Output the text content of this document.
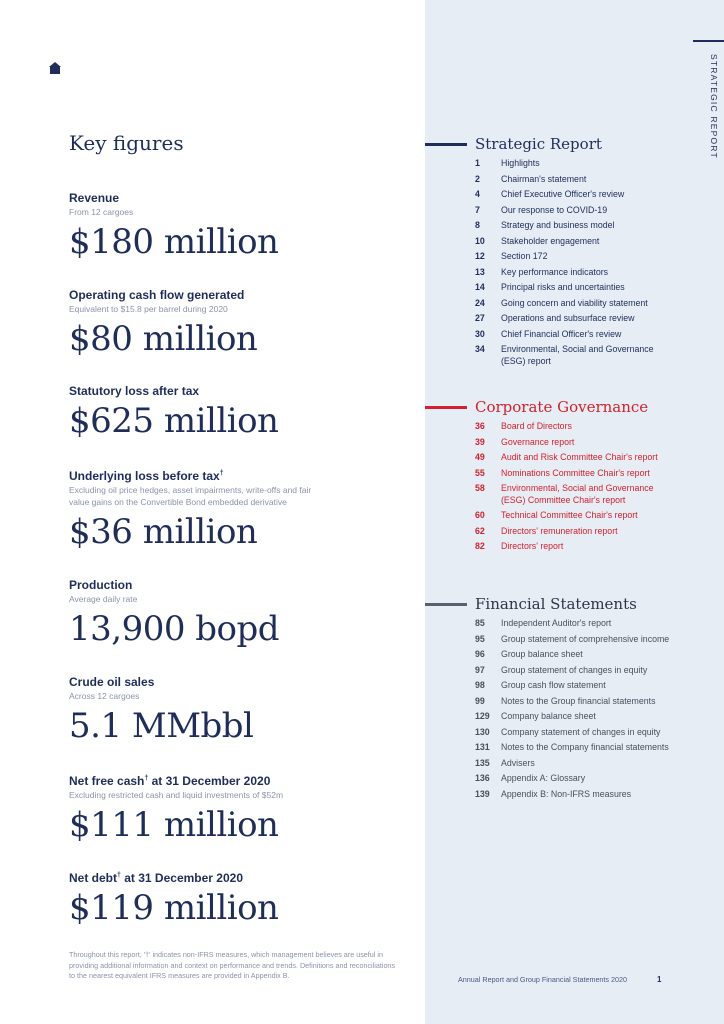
STRATEGIC REPORT
Key figures
Revenue
From 12 cargoes
$180 million
Operating cash flow generated
Equivalent to $15.8 per barrel during 2020
$80 million
Statutory loss after tax
$625 million
Underlying loss before tax†
Excluding oil price hedges, asset impairments, write-offs and fair value gains on the Convertible Bond embedded derivative
$36 million
Production
Average daily rate
13,900 bopd
Crude oil sales
Across 12 cargoes
5.1 MMbbl
Net free cash† at 31 December 2020
Excluding restricted cash and liquid investments of $52m
$111 million
Net debt† at 31 December 2020
$119 million
Throughout this report, '†' indicates non-IFRS measures, which management believes are useful in providing additional information and context on performance and trends. Definitions and reconciliations to the nearest equivalent IFRS measures are provided in Appendix B.
Strategic Report
1	Highlights
2	Chairman's statement
4	Chief Executive Officer's review
7	Our response to COVID-19
8	Strategy and business model
10	Stakeholder engagement
12	Section 172
13	Key performance indicators
14	Principal risks and uncertainties
24	Going concern and viability statement
27	Operations and subsurface review
30	Chief Financial Officer's review
34	Environmental, Social and Governance (ESG) report
Corporate Governance
36	Board of Directors
39	Governance report
49	Audit and Risk Committee Chair's report
55	Nominations Committee Chair's report
58	Environmental, Social and Governance (ESG) Committee Chair's report
60	Technical Committee Chair's report
62	Directors' remuneration report
82	Directors' report
Financial Statements
85	Independent Auditor's report
95	Group statement of comprehensive income
96	Group balance sheet
97	Group statement of changes in equity
98	Group cash flow statement
99	Notes to the Group financial statements
129	Company balance sheet
130	Company statement of changes in equity
131	Notes to the Company financial statements
135	Advisers
136	Appendix A: Glossary
139	Appendix B: Non-IFRS measures
Annual Report and Group Financial Statements 2020	1
